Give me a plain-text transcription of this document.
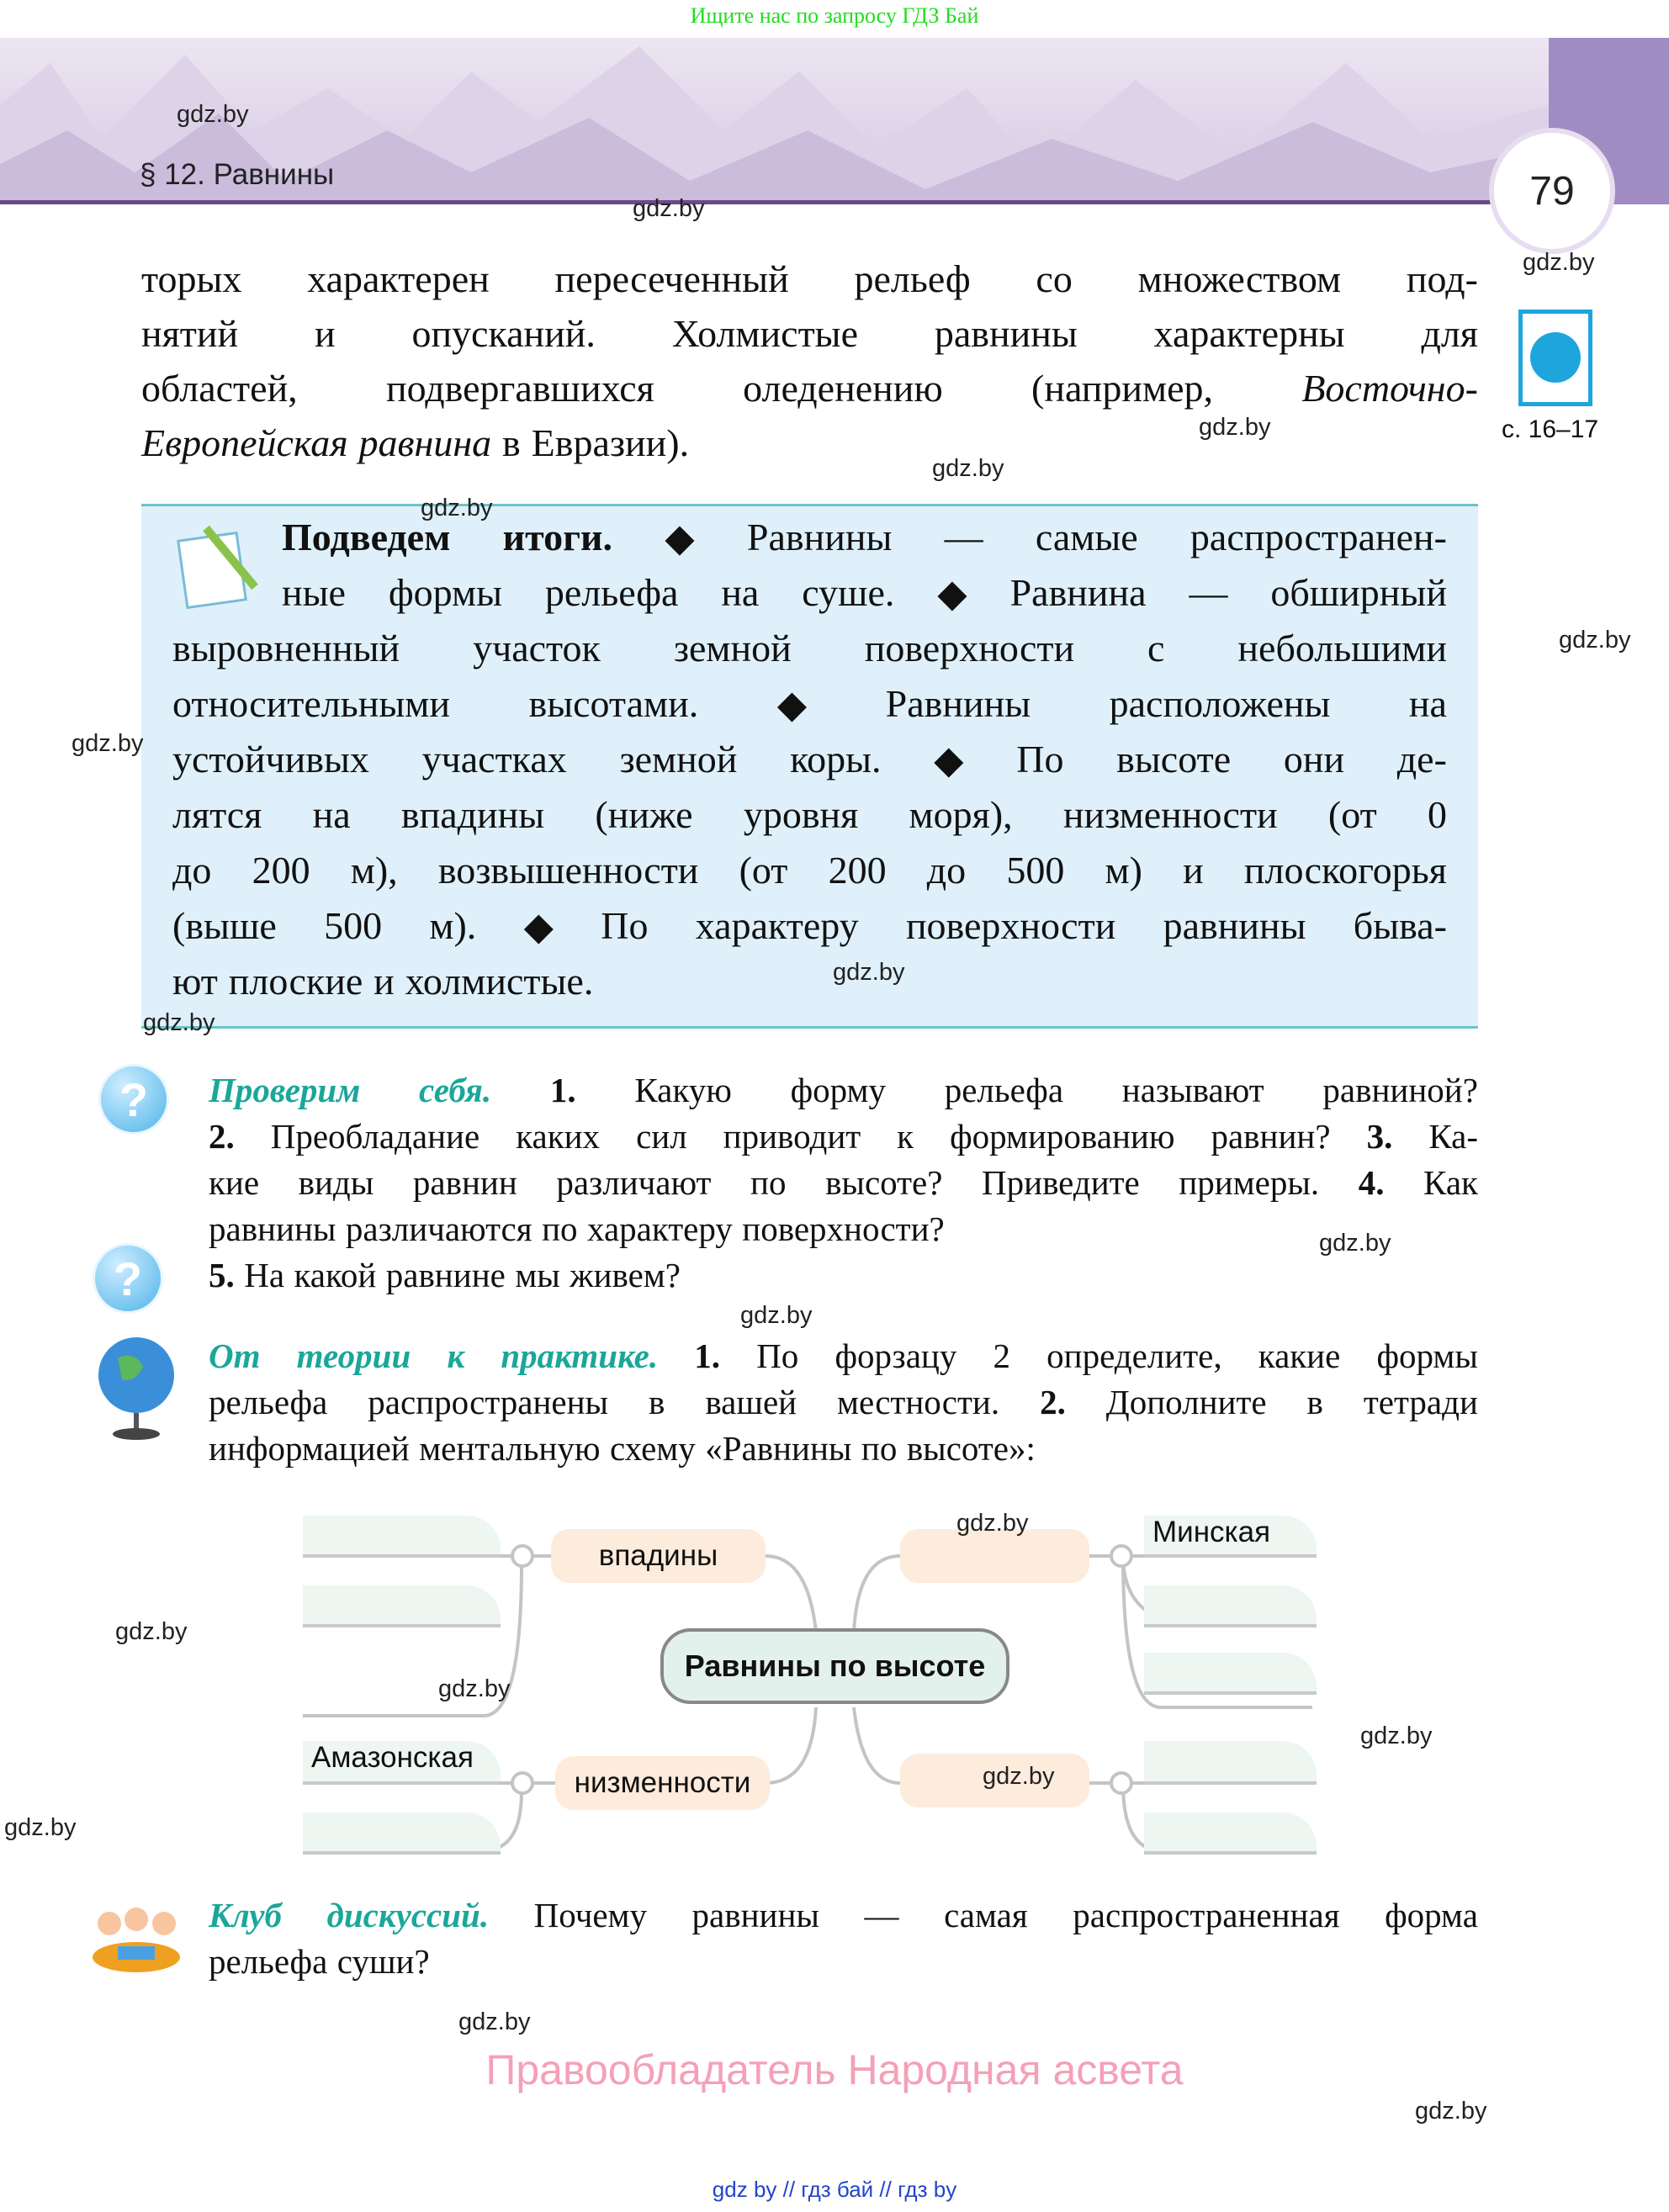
Ищите нас по запросу ГДЗ Бай
§ 12. Равнины	79
с. 16–17
торых характерен пересеченный рельеф со множеством под-
нятий и опусканий. Холмистые равнины характерны для
областей, подвергавшихся оледенению (например, Восточно-
Европейская равнина в Евразии).
Подведем итоги. ◆ Равнины — самые распространен-
ные формы рельефа на суше. ◆ Равнина — обширный
выровненный участок земной поверхности с небольшими
относительными высотами. ◆ Равнины расположены на
устойчивых участках земной коры. ◆ По высоте они де-
лятся на впадины (ниже уровня моря), низменности (от 0
до 200 м), возвышенности (от 200 до 500 м) и плоскогорья
(выше 500 м). ◆ По характеру поверхности равнины быва-
ют плоские и холмистые.
Проверим себя. 1. Какую форму рельефа называют равниной?
2. Преобладание каких сил приводит к формированию равнин? 3. Ка-
кие виды равнин различают по высоте? Приведите примеры. 4. Как
равнины различаются по характеру поверхности?
5. На какой равнине мы живем?
От теории к практике. 1. По форзацу 2 определите, какие формы
рельефа распространены в вашей местности. 2. Дополните в тетради
информацией ментальную схему «Равнины по высоте»:
Клуб дискуссий. Почему равнины — самая распространенная форма
рельефа суши?
?
?
Амазонская
Минская
впадины
низменности
Равнины по высоте
gdz.by
gdz.by
gdz.by
gdz.by
gdz.by
gdz.by
gdz.by
gdz.by
gdz.by
gdz.by
gdz.by
gdz.by
gdz.by
gdz.by
gdz.by
gdz.by
gdz.by
gdz.by
gdz.by
gdz.by
Правообладатель Народная асвета
gdz by // гдз бай // гдз by
